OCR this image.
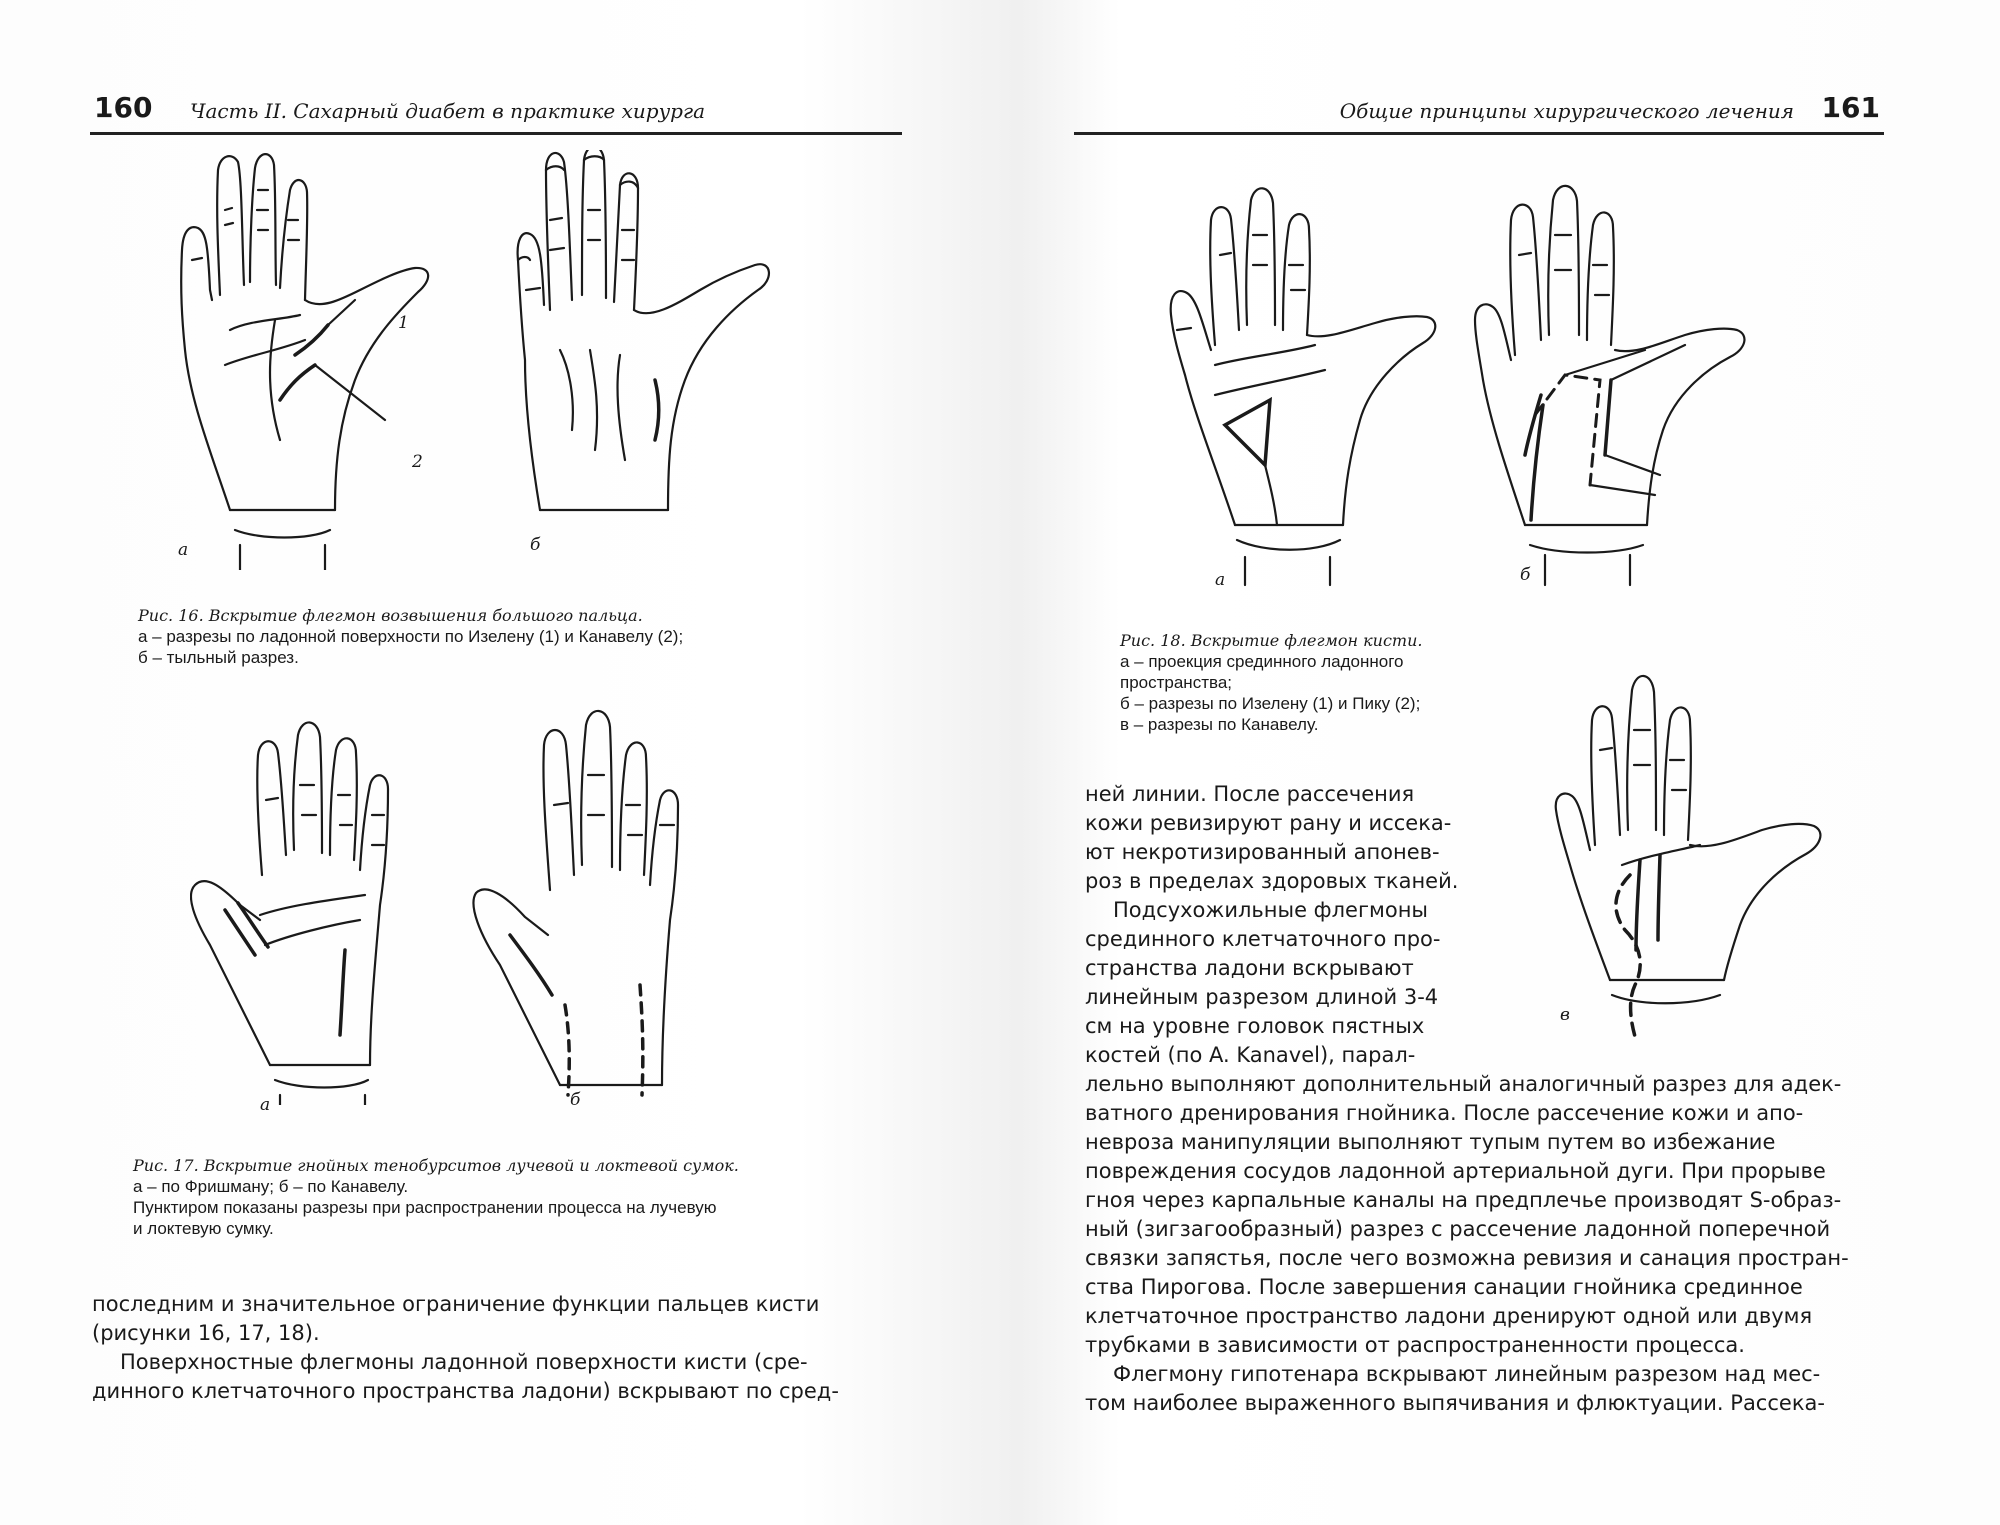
160 Часть II. Сахарный диабет в практике хирурга
а	б
1
2
Рис. 16. Вскрытие флегмон возвышения большого пальца.
а – разрезы по ладонной поверхности по Изелену (1) и Канавелу (2);
б – тыльный разрез.
а	б
Рис. 17. Вскрытие гнойных тенобурситов лучевой и локтевой сумок.
а – по Фришману; б – по Канавелу.
Пунктиром показаны разрезы при распространении процесса на лучевую
и локтевую сумку.
последним и значительное ограничение функции пальцев кисти
(рисунки 16, 17, 18).
Поверхностные флегмоны ладонной поверхности кисти (сре-
динного клетчаточного пространства ладони) вскрывают по сред-
Общие принципы хирургического лечения 161
а	б
Рис. 18. Вскрытие флегмон кисти.
а – проекция срединного ладонного
пространства;
б – разрезы по Изелену (1) и Пику (2);
в – разрезы по Канавелу.
в
ней линии. После рассечения
кожи ревизируют рану и иссека-
ют некротизированный апонев-
роз в пределах здоровых тканей.
Подсухожильные флегмоны
срединного клетчаточного про-
странства ладони вскрывают
линейным разрезом длиной 3-4
см на уровне головок пястных
костей (по A. Kanavel), парал-
лельно выполняют дополнительный аналогичный разрез для адек-
ватного дренирования гнойника. После рассечение кожи и апо-
невроза манипуляции выполняют тупым путем во избежание
повреждения сосудов ладонной артериальной дуги. При прорыве
гноя через карпальные каналы на предплечье производят S-образ-
ный (зигзагообразный) разрез с рассечение ладонной поперечной
связки запястья, после чего возможна ревизия и санация простран-
ства Пирогова. После завершения санации гнойника срединное
клетчаточное пространство ладони дренируют одной или двумя
трубками в зависимости от распространенности процесса.
Флегмону гипотенара вскрывают линейным разрезом над мес-
том наиболее выраженного выпячивания и флюктуации. Рассека-
